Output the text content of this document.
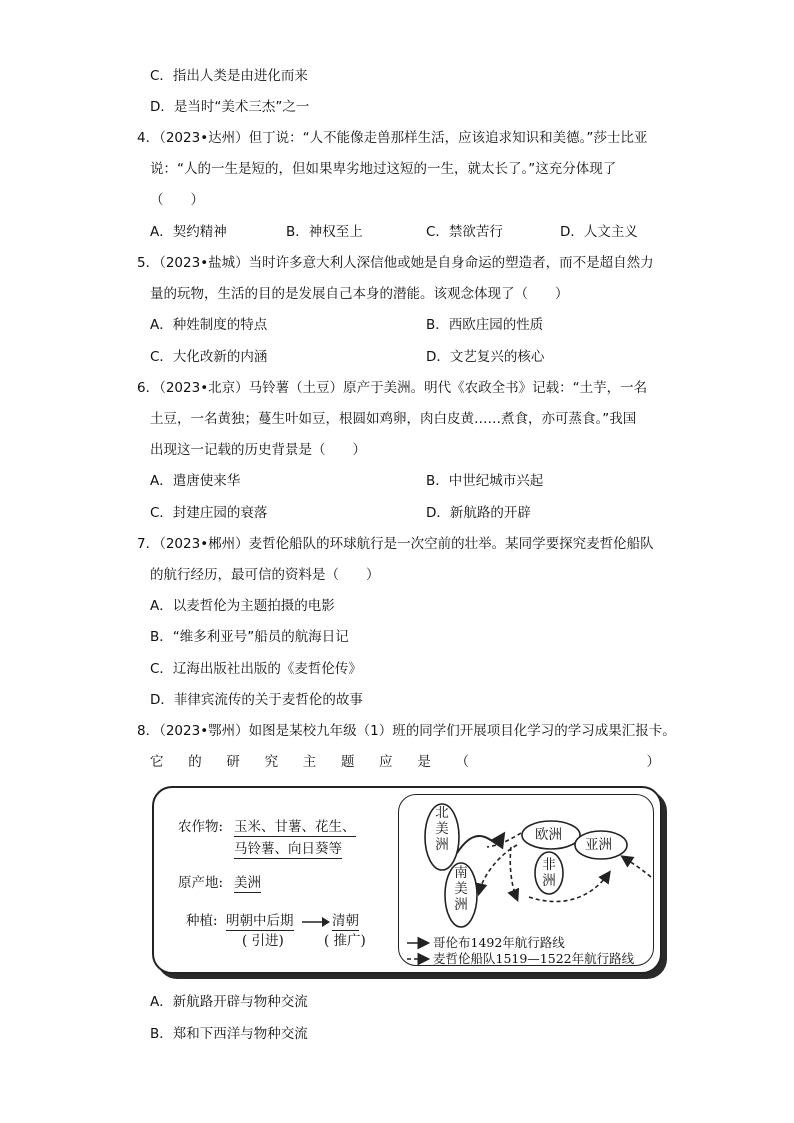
C．指出人类是由进化而来
D．是当时“美术三杰”之一
4．（2023•达州）但丁说：“人不能像走兽那样生活，应该追求知识和美德。”莎士比亚
说：“人的一生是短的，但如果卑劣地过这短的一生，就太长了。”这充分体现了
（　　）
A．契约精神	B．神权至上	C．禁欲苦行	D．人文主义
5．（2023•盐城）当时许多意大利人深信他或她是自身命运的塑造者，而不是超自然力
量的玩物，生活的目的是发展自己本身的潜能。该观念体现了（　　）
A．种姓制度的特点	B．西欧庄园的性质
C．大化改新的内涵	D．文艺复兴的核心
6．（2023•北京）马铃薯（土豆）原产于美洲。明代《农政全书》记载：“土芋，一名
土豆，一名黄独；蔓生叶如豆，根圆如鸡卵，肉白皮黄……煮食，亦可蒸食。”我国
出现这一记载的历史背景是（　　）
A．遣唐使来华	B．中世纪城市兴起
C．封建庄园的衰落	D．新航路的开辟
7．（2023•郴州）麦哲伦船队的环球航行是一次空前的壮举。某同学要探究麦哲伦船队
的航行经历，最可信的资料是（　　）
A．以麦哲伦为主题拍摄的电影
B．“维多利亚号”船员的航海日记
C．辽海出版社出版的《麦哲伦传》
D．菲律宾流传的关于麦哲伦的故事
8．（2023•鄂州）如图是某校九年级（1）班的同学们开展项目化学习的学习成果汇报卡。
它 的 研 究 主 题 应 是 （

　	）
农作物: 玉米、甘薯、花生、
马铃薯、向日葵等
原产地: 美洲
种植: 明朝中后期	清朝
( 引进)	( 推广)
北美洲
南美洲
欧洲
非洲
亚洲
哥伦布1492年航行路线
麦哲伦船队1519—1522年航行路线
A．新航路开辟与物种交流
B．郑和下西洋与物种交流
